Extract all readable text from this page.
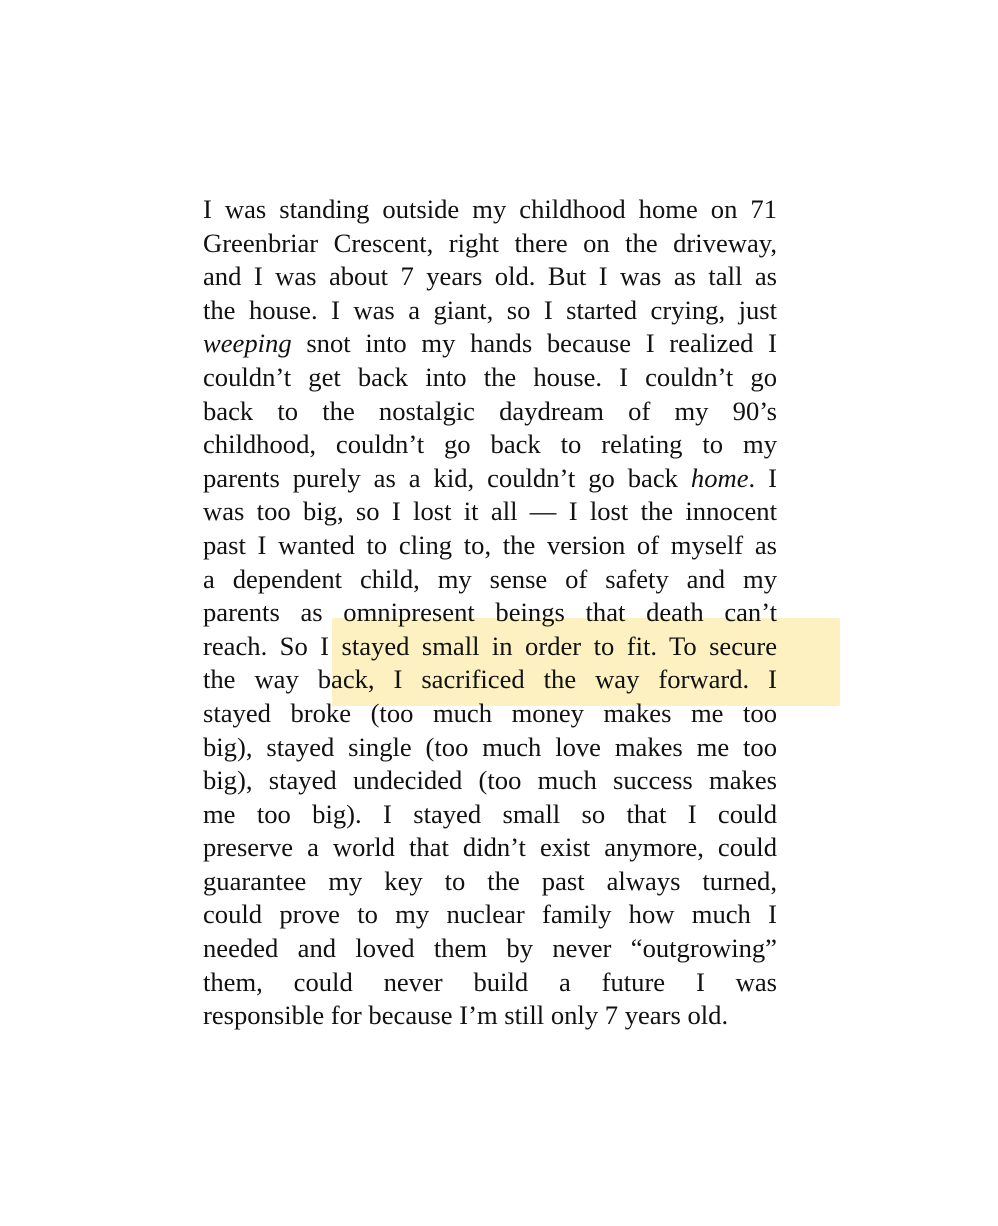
I was standing outside my childhood home on 71
Greenbriar Crescent, right there on the driveway,
and I was about 7 years old. But I was as tall as
the house. I was a giant, so I started crying, just
weeping snot into my hands because I realized I
couldn’t get back into the house. I couldn’t go
back to the nostalgic daydream of my 90’s
childhood, couldn’t go back to relating to my
parents purely as a kid, couldn’t go back home. I
was too big, so I lost it all — I lost the innocent
past I wanted to cling to, the version of myself as
a dependent child, my sense of safety and my
parents as omnipresent beings that death can’t
reach. So I stayed small in order to fit. To secure
the way back, I sacrificed the way forward. I
stayed broke (too much money makes me too
big), stayed single (too much love makes me too
big), stayed undecided (too much success makes
me too big). I stayed small so that I could
preserve a world that didn’t exist anymore, could
guarantee my key to the past always turned,
could prove to my nuclear family how much I
needed and loved them by never “outgrowing”
them, could never build a future I was
responsible for because I’m still only 7 years old.
